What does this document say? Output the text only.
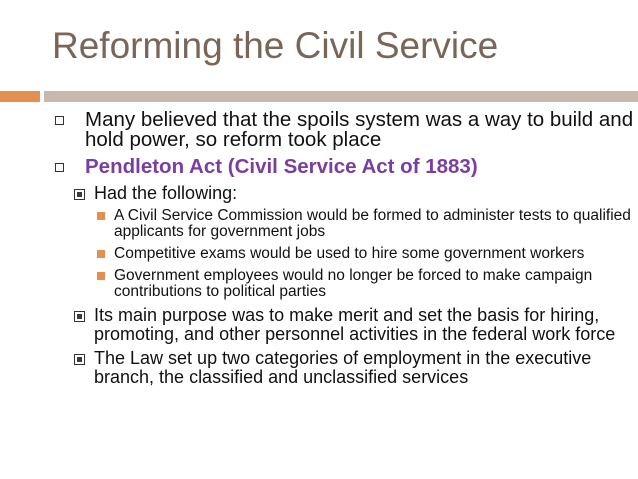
Reforming the Civil Service
Many believed that the spoils system was a way to build and hold power, so reform took place
Pendleton Act (Civil Service Act of 1883)
Had the following:
A Civil Service Commission would be formed to administer tests to qualified applicants for government jobs
Competitive exams would be used to hire some government workers
Government employees would no longer be forced to make campaign contributions to political parties
Its main purpose was to make merit and set the basis for hiring, promoting, and other personnel activities in the federal work force
The Law set up two categories of employment in the executive branch, the classified and unclassified services
